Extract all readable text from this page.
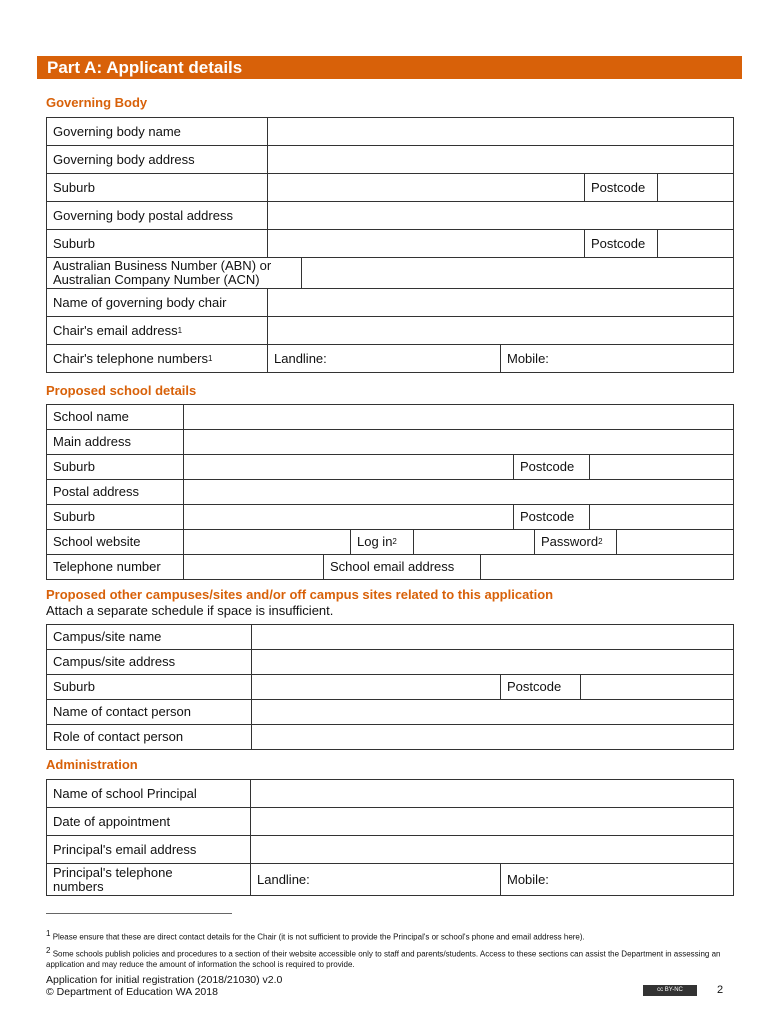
Part A: Applicant details
Governing Body
Governing body name
Governing body address
Suburb	Postcode
Governing body postal address
Suburb	Postcode
Australian Business Number (ABN) or
Australian Company Number (ACN)
Name of governing body chair
Chair's email address 1
Chair's telephone numbers 1	Landline:	Mobile:
Proposed school details
School name
Main address
Suburb	Postcode
Postal address
Suburb	Postcode
School website	Log in 2	Password 2
Telephone number	School email address
Proposed other campuses/sites and/or off campus sites related to this application
Attach a separate schedule if space is insufficient.
Campus/site name
Campus/site address
Suburb	Postcode
Name of contact person
Role of contact person
Administration
Name of school Principal
Date of appointment
Principal's email address
Principal's telephone
numbers	Landline:	Mobile:
$^1$ Please ensure that these are direct contact details for the Chair (it is not sufficient to provide the Principal's or school's phone and email address here).
$^2$ Some schools publish policies and procedures to a section of their website accessible only to staff and parents/students. Access to these sections can assist the Department in assessing an application and may reduce the amount of information the school is required to provide.
Application for initial registration (2018/21030) v2.0
© Department of Education WA 2018	cc BY-NC	2
